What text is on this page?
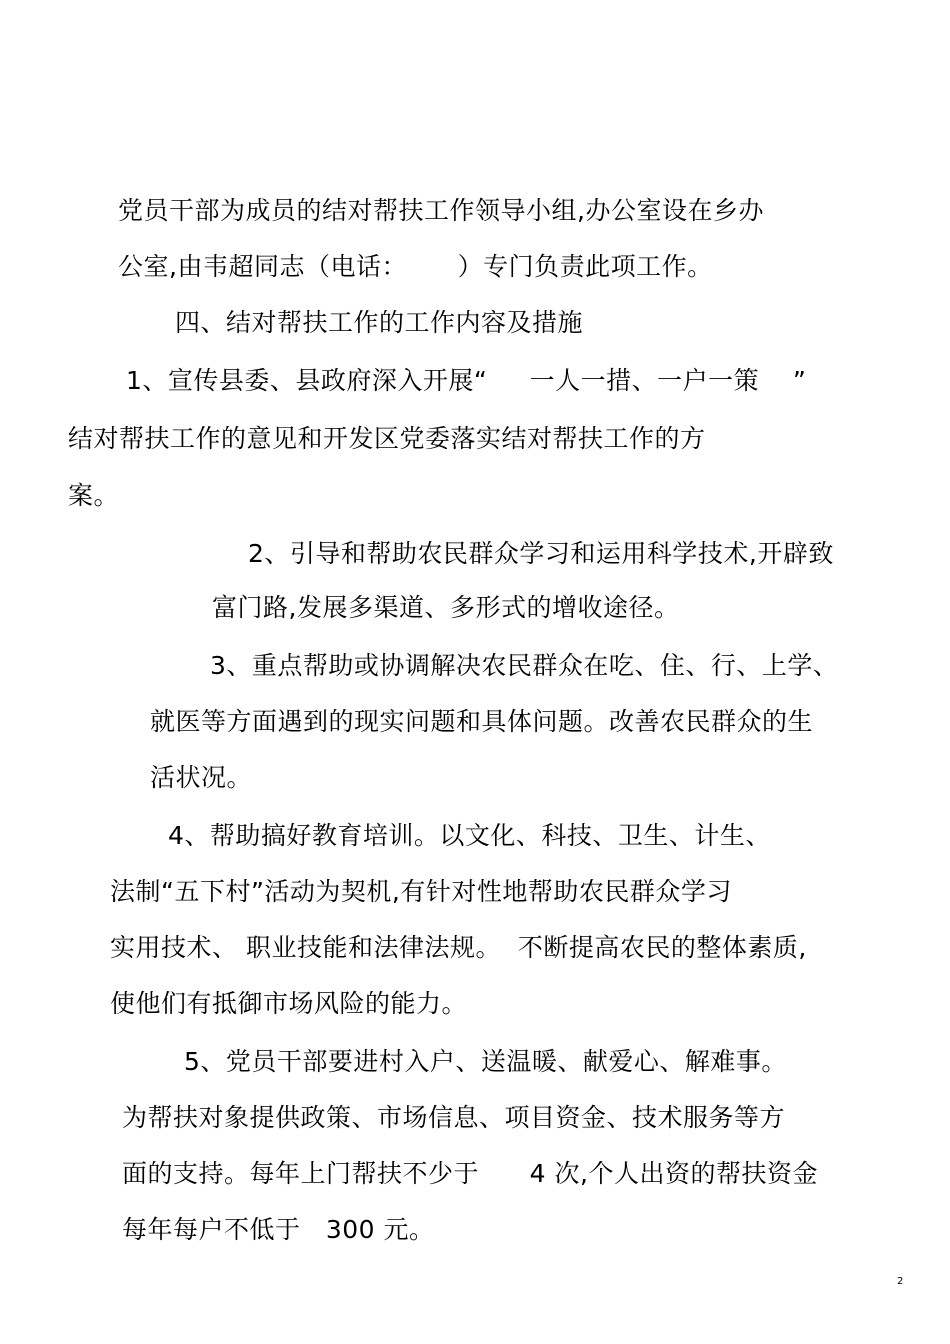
党员干部为成员的结对帮扶工作领导小组,办公室设在乡办
公室,由韦超同志（电话：      ）专门负责此项工作。
四、结对帮扶工作的工作内容及措施
1、宣传县委、县政府深入开展“     一人一措、一户一策    ”
结对帮扶工作的意见和开发区党委落实结对帮扶工作的方
案。
2、引导和帮助农民群众学习和运用科学技术,开辟致
富门路,发展多渠道、多形式的增收途径。
3、重点帮助或协调解决农民群众在吃、住、行、上学、
就医等方面遇到的现实问题和具体问题。改善农民群众的生
活状况。
4、帮助搞好教育培训。以文化、科技、卫生、计生、
法制“五下村”活动为契机,有针对性地帮助农民群众学习
实用技术、 职业技能和法律法规。  不断提高农民的整体素质,
使他们有抵御市场风险的能力。
5、党员干部要进村入户、送温暖、献爱心、解难事。
为帮扶对象提供政策、市场信息、项目资金、技术服务等方
面的支持。每年上门帮扶不少于      4 次,个人出资的帮扶资金
每年每户不低于   300 元。
2
